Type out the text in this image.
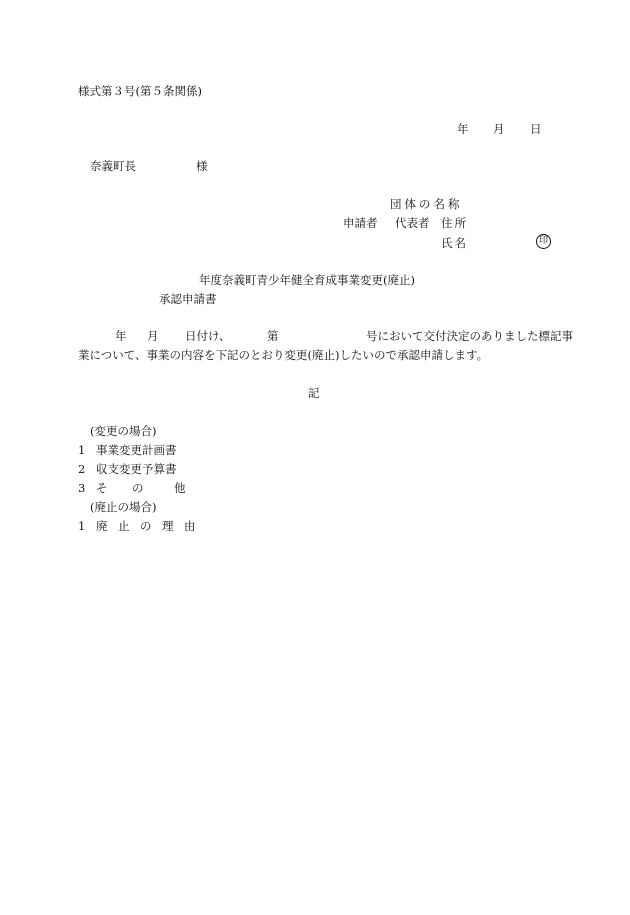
様式第３号(第５条関係)
年 月 日
奈義町長	様
団体の名称
申請者 代表者 住所
氏名	印
年度奈義町青少年健全育成事業変更(廃止)
承認申請書
年 月 日付け、	第	号において交付決定のありました標記事
業について、事業の内容を下記のとおり変更(廃止)したいので承認申請します。
記
(変更の場合)
1 事業変更計画書
2 収支変更予算書
3 そ の	他
(廃止の場合)
1 廃 止 の 理 由
